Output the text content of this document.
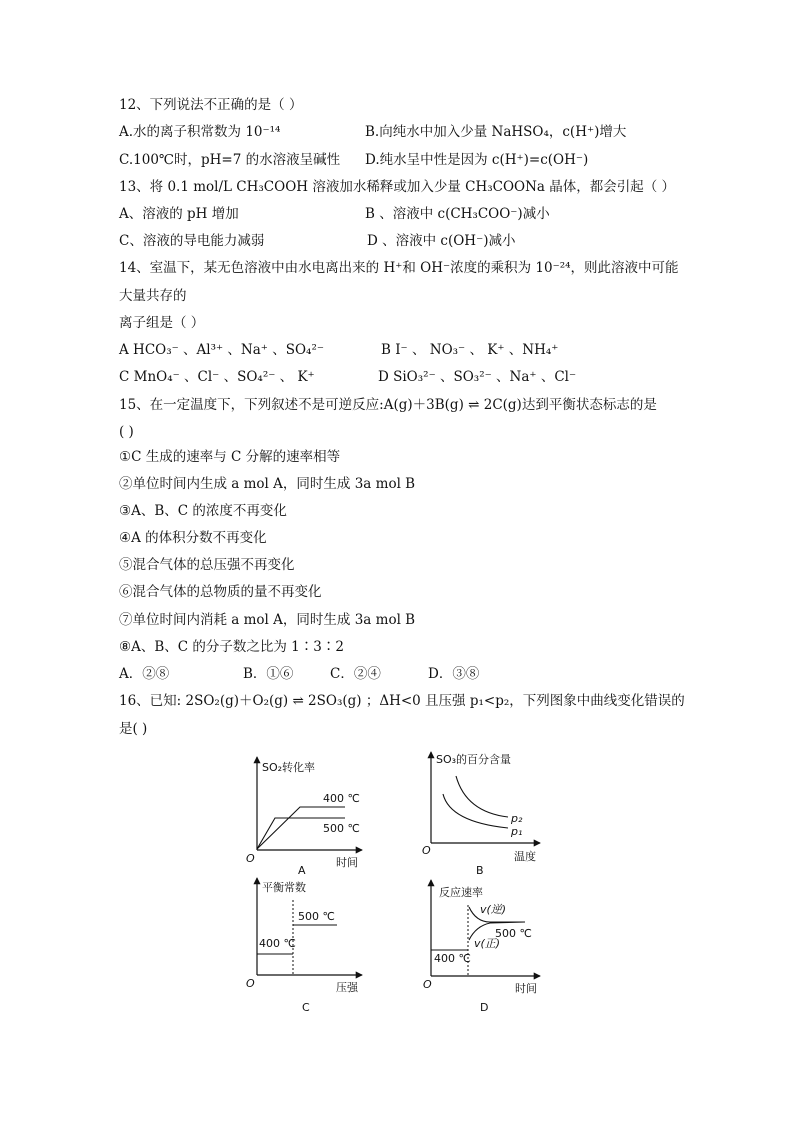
12、下列说法不正确的是（ ）
A.水的离子积常数为 10⁻¹⁴	B.向纯水中加入少量 NaHSO₄，c(H⁺)增大
C.100℃时，pH=7 的水溶液呈碱性 D.纯水呈中性是因为 c(H⁺)=c(OH⁻)
13、将 0.1 mol/L CH₃COOH 溶液加水稀释或加入少量 CH₃COONa 晶体，都会引起（ ）
A、溶液的 pH 增加	B 、溶液中 c(CH₃COO⁻)减小
C、溶液的导电能力减弱	D 、溶液中 c(OH⁻)减小
14、室温下，某无色溶液中由水电离出来的 H⁺和 OH⁻浓度的乘积为 10⁻²⁴，则此溶液中可能
大量共存的
离子组是（ ）
A HCO₃⁻ 、Al³⁺ 、Na⁺ 、SO₄²⁻	B I⁻ 、 NO₃⁻ 、 K⁺ 、NH₄⁺
C MnO₄⁻ 、Cl⁻ 、SO₄²⁻ 、 K⁺	D SiO₃²⁻ 、SO₃²⁻ 、Na⁺ 、Cl⁻
15、在一定温度下，下列叙述不是可逆反应:A(g)＋3B(g) ⇌ 2C(g)达到平衡状态标志的是
( )
①C 生成的速率与 C 分解的速率相等
②单位时间内生成 a mol A，同时生成 3a mol B
③A、B、C 的浓度不再变化
④A 的体积分数不再变化
⑤混合气体的总压强不再变化
⑥混合气体的总物质的量不再变化
⑦单位时间内消耗 a mol A，同时生成 3a mol B
⑧A、B、C 的分子数之比为 1∶3∶2
A．②⑧	B．①⑥	C．②④	D．③⑧
16、已知: 2SO₂(g)＋O₂(g) ⇌ 2SO₃(g) ；ΔH<0 且压强 p₁<p₂，下列图象中曲线变化错误的
是( )
SO₂转化率
时间
O
400 ℃
500 ℃
A
SO₃的百分含量
温度
O
p₂
p₁
B
平衡常数
压强
O
400 ℃
500 ℃
C
反应速率
时间
O
400 ℃
v(逆)
v(正)
500 ℃
D
